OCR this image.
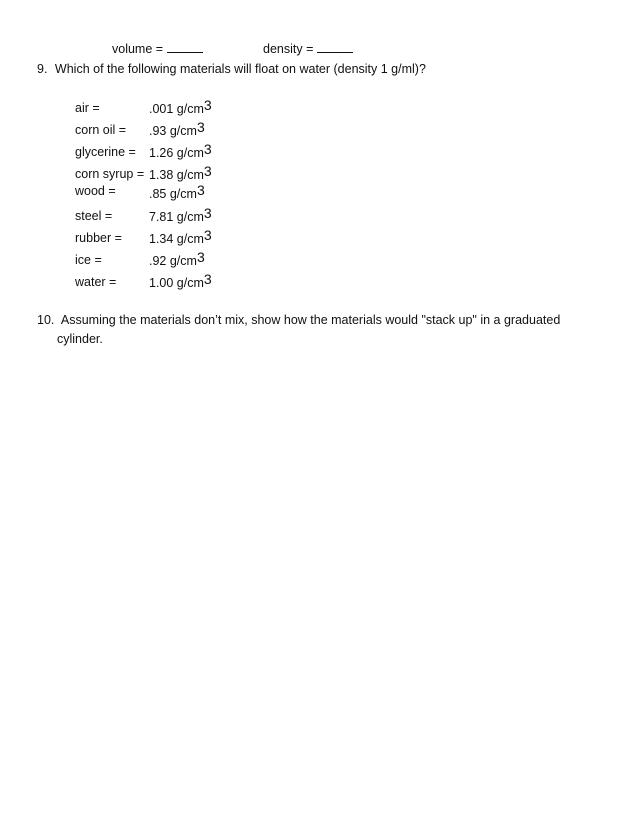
volume =	density =
9. Which of the following materials will float on water (density 1 g/ml)?
air =	.001 g/cm3
corn oil = .93 g/cm3
glycerine = 1.26 g/cm3
corn syrup = 1.38 g/cm3
wood =	.85 g/cm3
steel =	7.81 g/cm3
rubber = 1.34 g/cm3
ice =	.92 g/cm3
water =	1.00 g/cm3
10. Assuming the materials don’t mix, show how the materials would "stack up" in a graduated
cylinder.
